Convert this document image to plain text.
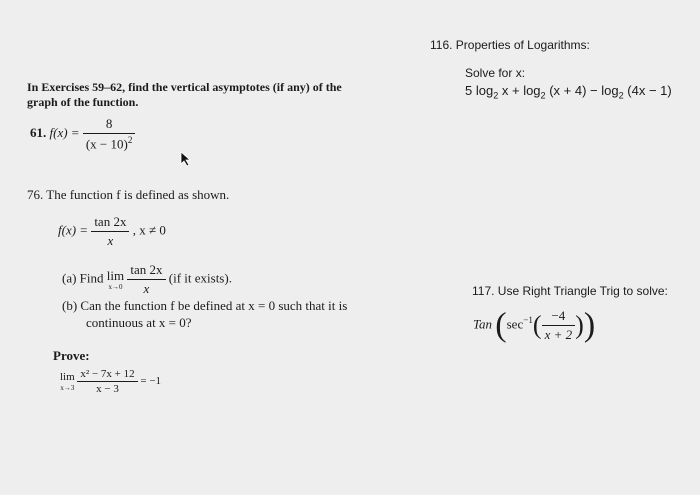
116. Properties of Logarithms:
Solve for x:
5 $\log_2 x + \log_2 (x + 4) - \log_2 (4x - 1)$
In Exercises 59–62, find the vertical asymptotes (if any) of the
graph of the function.
61. $f(x) = \frac{8}{(x - 10)^2}$
76. The function f is defined as shown.
$f(x) = \frac{\tan 2x}{x}$ , x ≠ 0
(a) Find lim
x→0
$\frac{\tan 2x}{x} (if$ it exists).
(b) Can the function f be defined at x = 0 such that it is
continuous at x = 0?
Prove:
lim
x→3
$\frac{\text{x² − 7x + 12}}{x - 3} = -1$
117. Use Right Triangle Trig to solve:
Tan ($\sec^{-1}( \frac{-4}{x + 2}$ ))
